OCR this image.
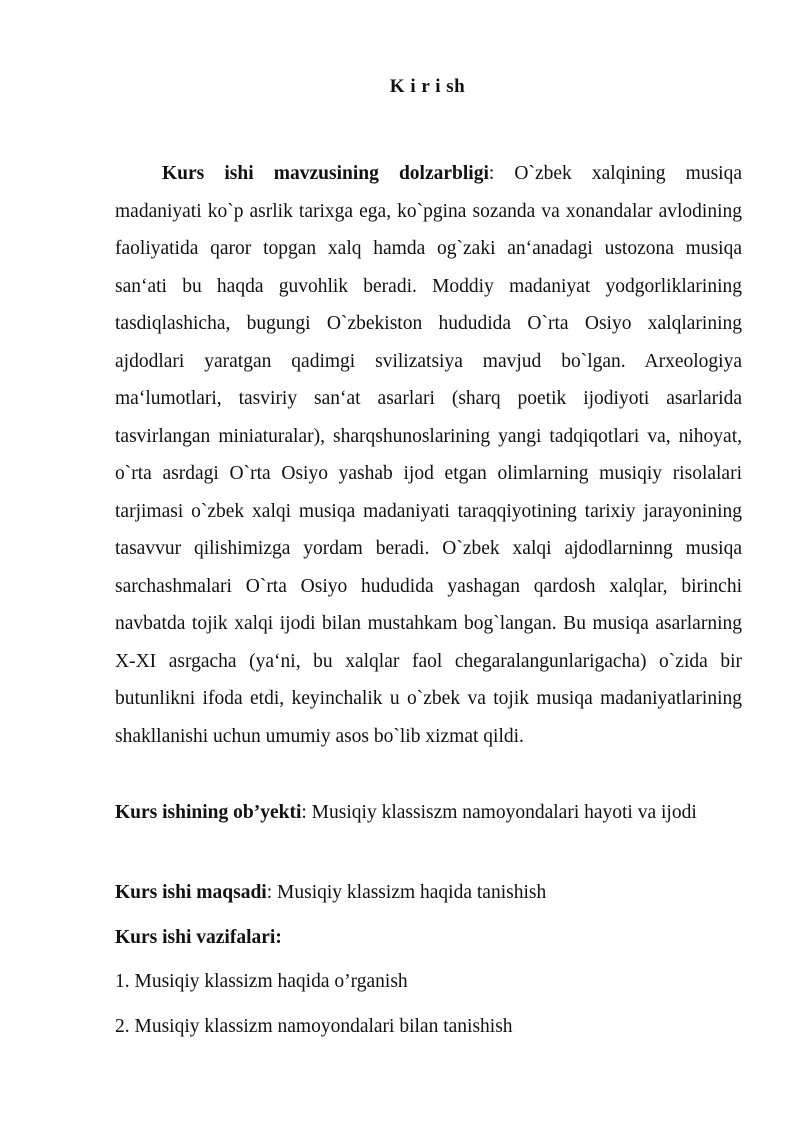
K i r i sh

Kurs ishi mavzusining dolzarbligi: O`zbek xalqining musiqa madaniyati ko`p asrlik tarixga ega, ko`pgina sozanda va xonandalar avlodining faoliyatida qaror topgan xalq hamda og`zaki an‘anadagi ustozona musiqa san‘ati bu haqda guvohlik beradi. Moddiy madaniyat yodgorliklarining tasdiqlashicha, bugungi O`zbekiston hududida O`rta Osiyo xalqlarining ajdodlari yaratgan qadimgi svilizatsiya mavjud bo`lgan. Arxeologiya ma‘lumotlari, tasviriy san‘at asarlari (sharq poetik ijodiyoti asarlarida tasvirlangan miniaturalar), sharqshunoslarining yangi tadqiqotlari va, nihoyat, o`rta asrdagi O`rta Osiyo yashab ijod etgan olimlarning musiqiy risolalari tarjimasi o`zbek xalqi musiqa madaniyati taraqqiyotining tarixiy jarayonining tasavvur qilishimizga yordam beradi. O`zbek xalqi ajdodlarninng musiqa sarchashmalari O`rta Osiyo hududida yashagan qardosh xalqlar, birinchi navbatda tojik xalqi ijodi bilan mustahkam bog`langan. Bu musiqa asarlarning X-XI asrgacha (ya‘ni, bu xalqlar faol chegaralangunlarigacha) o`zida bir butunlikni ifoda etdi, keyinchalik u o`zbek va tojik musiqa madaniyatlarining shakllanishi uchun umumiy asos bo`lib xizmat qildi.

Kurs ishining ob’yekti: Musiqiy klassiszm namoyondalari hayoti va ijodi

Kurs ishi maqsadi: Musiqiy klassizm haqida tanishish

Kurs ishi vazifalari:

1. Musiqiy klassizm haqida o’rganish

2. Musiqiy klassizm namoyondalari bilan tanishish
